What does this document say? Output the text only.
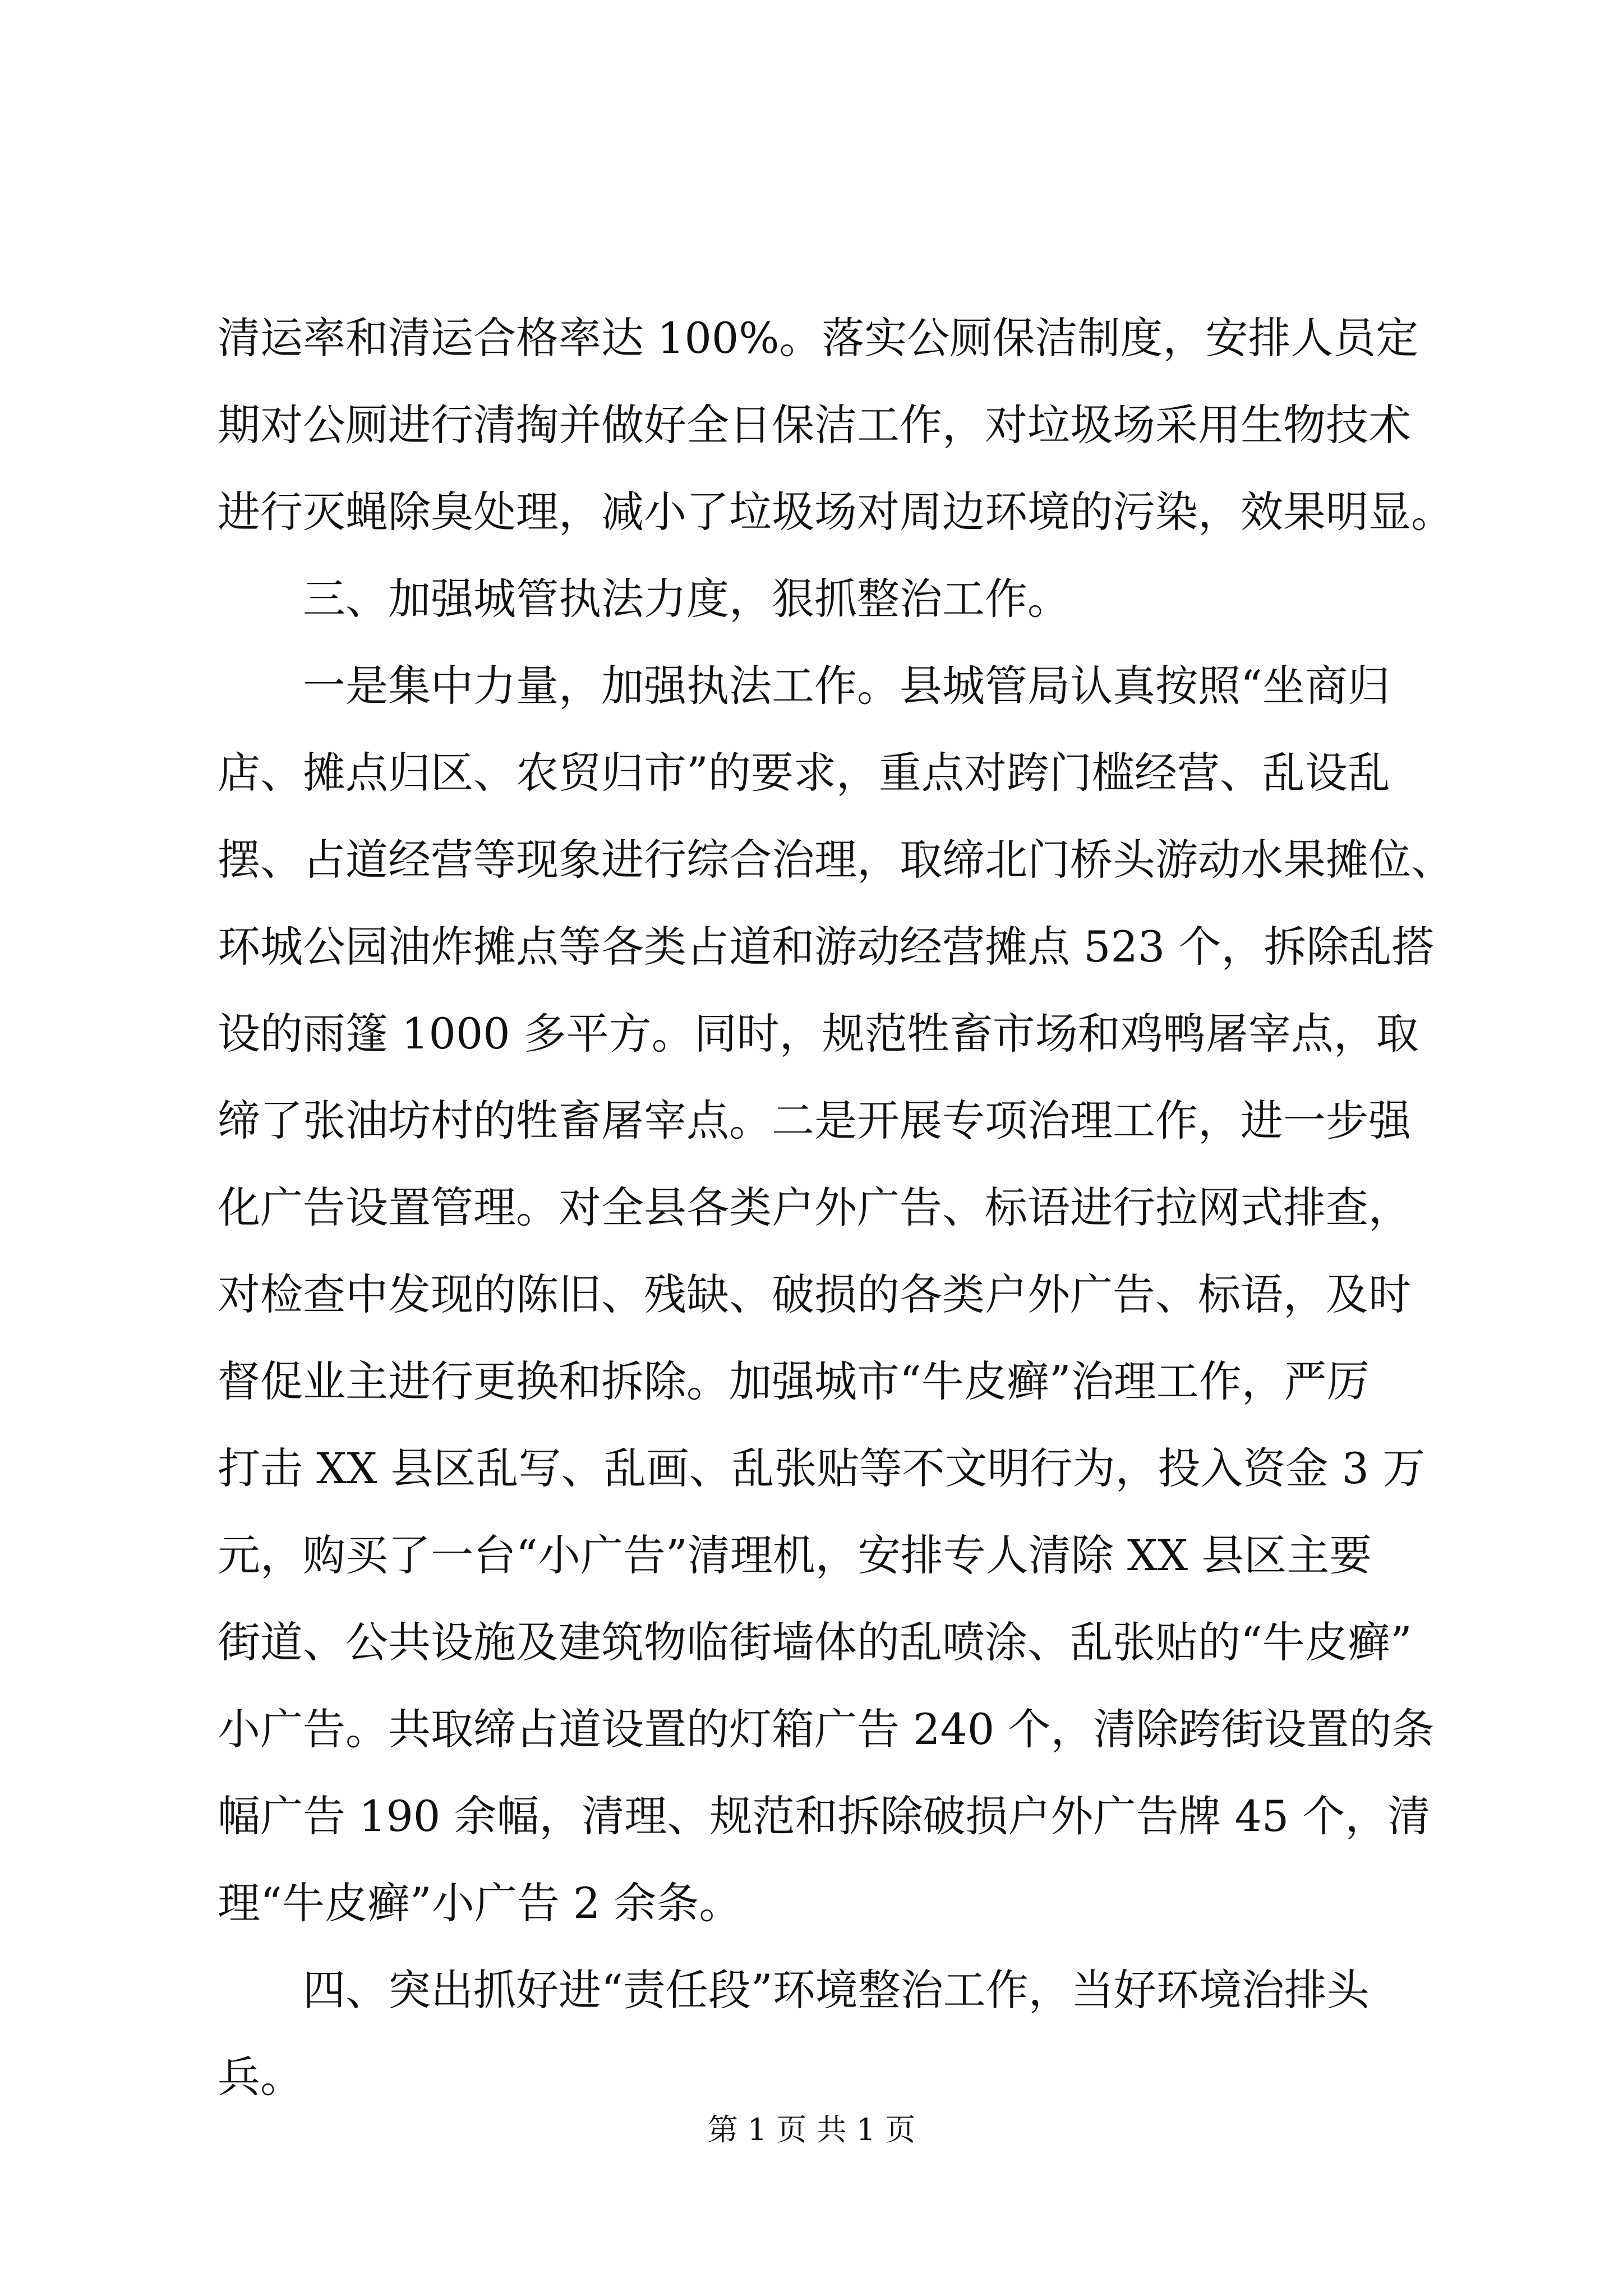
清运率和清运合格率达 100%。落实公厕保洁制度，安排人员定
期对公厕进行清掏并做好全日保洁工作，对垃圾场采用生物技术
进行灭蝇除臭处理，减小了垃圾场对周边环境的污染，效果明显。
三、加强城管执法力度，狠抓整治工作。
一是集中力量，加强执法工作。县城管局认真按照“坐商归
店、摊点归区、农贸归市”的要求，重点对跨门槛经营、乱设乱
摆、占道经营等现象进行综合治理，取缔北门桥头游动水果摊位、
环城公园油炸摊点等各类占道和游动经营摊点 523 个，拆除乱搭
设的雨篷 1000 多平方。同时，规范牲畜市场和鸡鸭屠宰点，取
缔了张油坊村的牲畜屠宰点。二是开展专项治理工作，进一步强
化广告设置管理。对全县各类户外广告、标语进行拉网式排查，
对检查中发现的陈旧、残缺、破损的各类户外广告、标语，及时
督促业主进行更换和拆除。加强城市“牛皮癣”治理工作，严厉
打击 XX 县区乱写、乱画、乱张贴等不文明行为，投入资金 3 万
元，购买了一台“小广告”清理机，安排专人清除 XX 县区主要
街道、公共设施及建筑物临街墙体的乱喷涂、乱张贴的“牛皮癣”
小广告。共取缔占道设置的灯箱广告 240 个，清除跨街设置的条
幅广告 190 余幅，清理、规范和拆除破损户外广告牌 45 个，清
理“牛皮癣”小广告 2 余条。
四、突出抓好进“责任段”环境整治工作，当好环境治排头
兵。
第 1 页 共 1 页
